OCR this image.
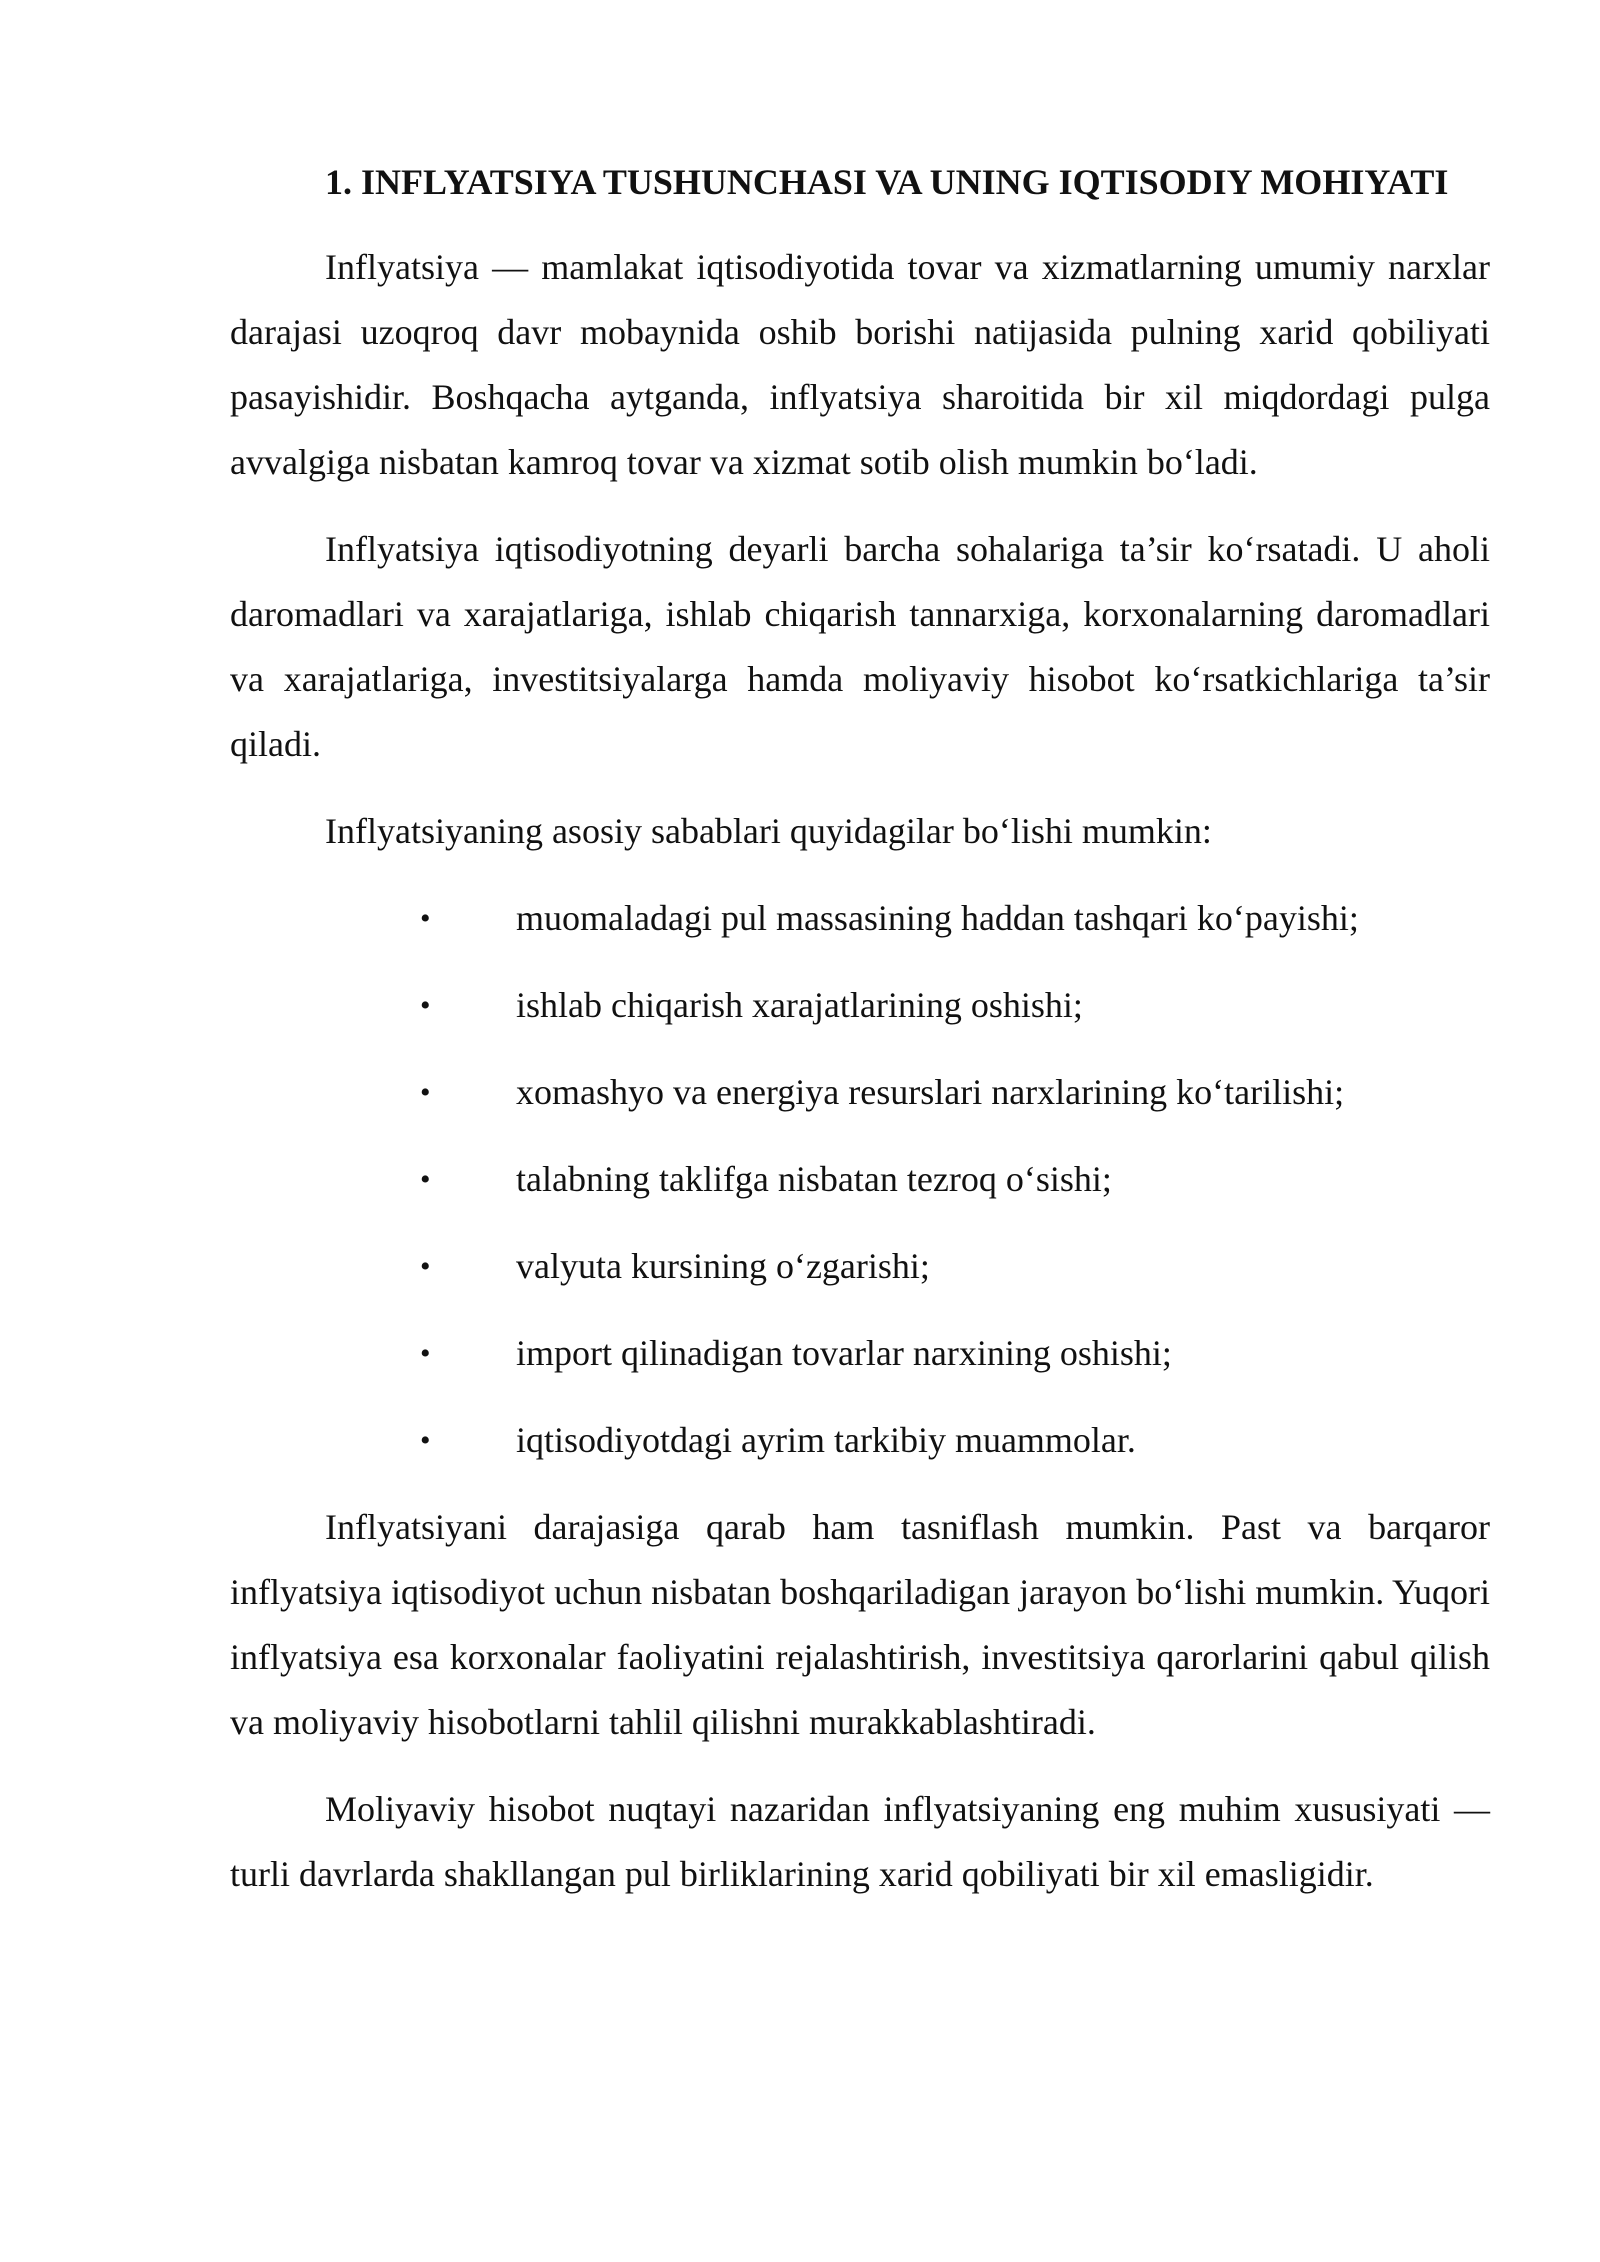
1. INFLYATSIYA TUSHUNCHASI VA UNING IQTISODIY MOHIYATI

Inflyatsiya — mamlakat iqtisodiyotida tovar va xizmatlarning umumiy narxlar darajasi uzoqroq davr mobaynida oshib borishi natijasida pulning xarid qobiliyati pasayishidir. Boshqacha aytganda, inflyatsiya sharoitida bir xil miqdordagi pulga avvalgiga nisbatan kamroq tovar va xizmat sotib olish mumkin bo‘ladi.

Inflyatsiya iqtisodiyotning deyarli barcha sohalariga ta’sir ko‘rsatadi. U aholi daromadlari va xarajatlariga, ishlab chiqarish tannarxiga, korxonalarning daromadlari va xarajatlariga, investitsiyalarga hamda moliyaviy hisobot ko‘rsatkichlariga ta’sir qiladi.

Inflyatsiyaning asosiy sabablari quyidagilar bo‘lishi mumkin:

• muomaladagi pul massasining haddan tashqari ko‘payishi;
• ishlab chiqarish xarajatlarining oshishi;
• xomashyo va energiya resurslari narxlarining ko‘tarilishi;
• talabning taklifga nisbatan tezroq o‘sishi;
• valyuta kursining o‘zgarishi;
• import qilinadigan tovarlar narxining oshishi;
• iqtisodiyotdagi ayrim tarkibiy muammolar.

Inflyatsiyani darajasiga qarab ham tasniflash mumkin. Past va barqaror inflyatsiya iqtisodiyot uchun nisbatan boshqariladigan jarayon bo‘lishi mumkin. Yuqori inflyatsiya esa korxonalar faoliyatini rejalashtirish, investitsiya qarorlarini qabul qilish va moliyaviy hisobotlarni tahlil qilishni murakkablashtiradi.

Moliyaviy hisobot nuqtayi nazaridan inflyatsiyaning eng muhim xususiyati — turli davrlarda shakllangan pul birliklarining xarid qobiliyati bir xil emasligidir.
